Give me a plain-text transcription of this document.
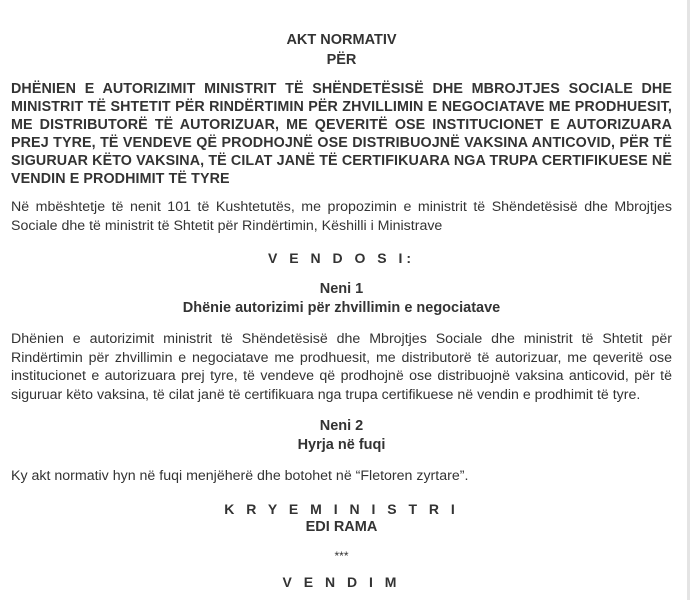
AKT NORMATIV
PËR
DHËNIEN E AUTORIZIMIT MINISTRIT TË SHËNDETËSISË DHE MBROJTJES SOCIALE DHE MINISTRIT TË SHTETIT PËR RINDËRTIMIN PËR ZHVILLIMIN E NEGOCIATAVE ME PRODHUESIT, ME DISTRIBUTORË TË AUTORIZUAR, ME QEVERITË OSE INSTITUCIONET E AUTORIZUARA PREJ TYRE, TË VENDEVE QË PRODHOJNË OSE DISTRIBUOJNË VAKSINA ANTICOVID, PËR TË SIGURUAR KËTO VAKSINA, TË CILAT JANË TË CERTIFIKUARA NGA TRUPA CERTIFIKUESE NË VENDIN E PRODHIMIT TË TYRE

Në mbështetje të nenit 101 të Kushtetutës, me propozimin e ministrit të Shëndetësisë dhe Mbrojtjes Sociale dhe të ministrit të Shtetit për Rindërtimin, Këshilli i Ministrave

V E N D O S I:
Neni 1
Dhënie autorizimi për zhvillimin e negociatave

Dhënien e autorizimit ministrit të Shëndetësisë dhe Mbrojtjes Sociale dhe ministrit të Shtetit për Rindërtimin për zhvillimin e negociatave me prodhuesit, me distributorë të autorizuar, me qeveritë ose institucionet e autorizuara prej tyre, të vendeve që prodhojnë ose distribuojnë vaksina anticovid, për të siguruar këto vaksina, të cilat janë të certifikuara nga trupa certifikuese në vendin e prodhimit të tyre.

Neni 2
Hyrja në fuqi

Ky akt normativ hyn në fuqi menjëherë dhe botohet në “Fletoren zyrtare”.

K R Y E M I N I S T R I
EDI RAMA
***
V E N D I M
